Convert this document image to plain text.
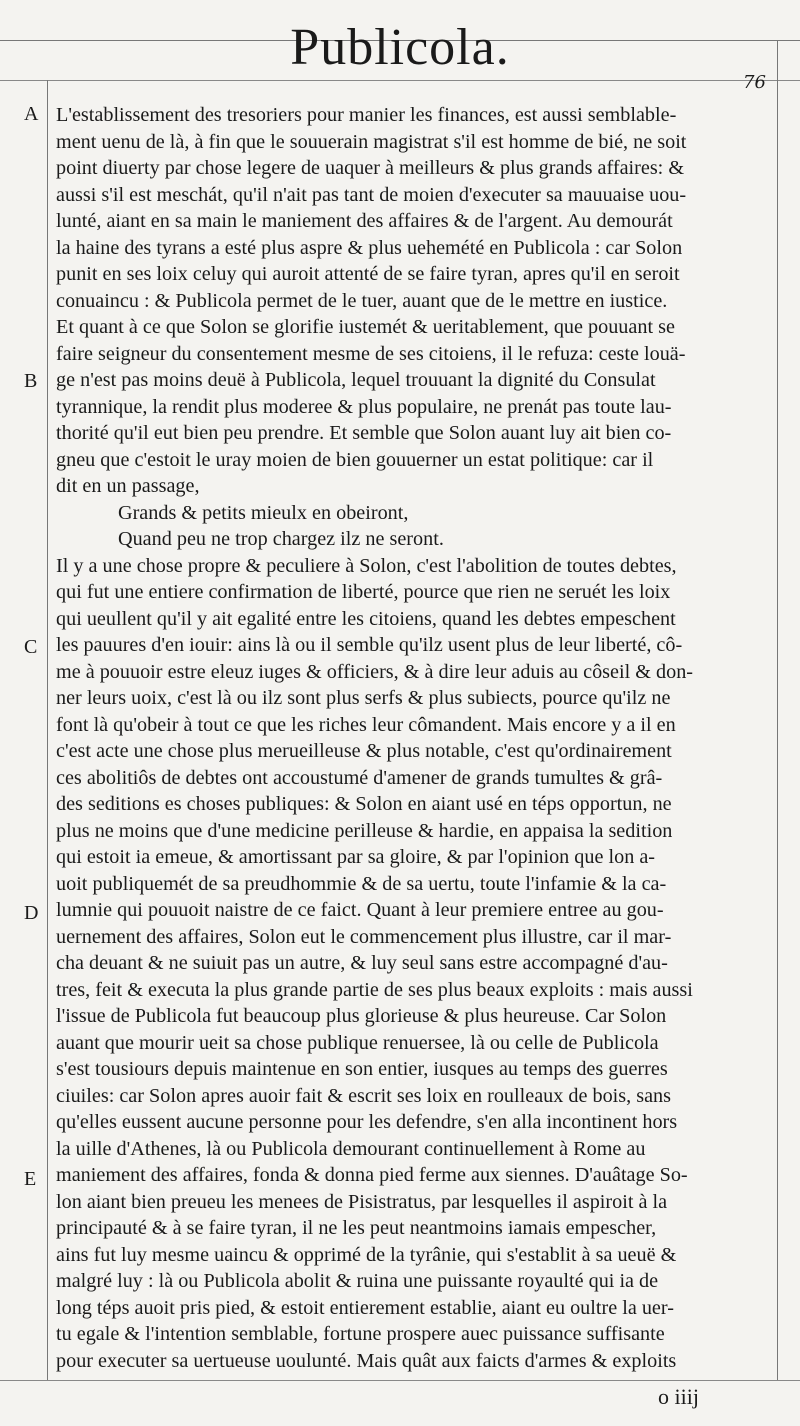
Publicola.
76
A
B
C
D
E
L'establissement des tresoriers pour manier les finances, est aussi semblable-
ment uenu de là, à fin que le souuerain magistrat s'il est homme de bié, ne soit
point diuerty par chose legere de uaquer à meilleurs & plus grands affaires: &
aussi s'il est meschát, qu'il n'ait pas tant de moien d'executer sa mauuaise uou-
lunté, aiant en sa main le maniement des affaires & de l'argent. Au demourát
la haine des tyrans a esté plus aspre & plus uehemété en Publicola : car Solon
punit en ses loix celuy qui auroit attenté de se faire tyran, apres qu'il en seroit
conuaincu : & Publicola permet de le tuer, auant que de le mettre en iustice.
Et quant à ce que Solon se glorifie iustemét & ueritablement, que pouuant se
faire seigneur du consentement mesme de ses citoiens, il le refuza: ceste louä-
ge n'est pas moins deuë à Publicola, lequel trouuant la dignité du Consulat
tyrannique, la rendit plus moderee & plus populaire, ne prenát pas toute lau-
thorité qu'il eut bien peu prendre. Et semble que Solon auant luy ait bien co-
gneu que c'estoit le uray moien de bien gouuerner un estat politique: car il
dit en un passage,
Grands & petits mieulx en obeiront,
Quand peu ne trop chargez ilz ne seront.
Il y a une chose propre & peculiere à Solon, c'est l'abolition de toutes debtes,
qui fut une entiere confirmation de liberté, pource que rien ne seruét les loix
qui ueullent qu'il y ait egalité entre les citoiens, quand les debtes empeschent
les pauures d'en iouir: ains là ou il semble qu'ilz usent plus de leur liberté, cô-
me à pouuoir estre eleuz iuges & officiers, & à dire leur aduis au côseil & don-
ner leurs uoix, c'est là ou ilz sont plus serfs & plus subiects, pource qu'ilz ne
font là qu'obeir à tout ce que les riches leur cômandent. Mais encore y a il en
c'est acte une chose plus merueilleuse & plus notable, c'est qu'ordinairement
ces abolitiôs de debtes ont accoustumé d'amener de grands tumultes & grâ-
des seditions es choses publiques: & Solon en aiant usé en téps opportun, ne
plus ne moins que d'une medicine perilleuse & hardie, en appaisa la sedition
qui estoit ia emeue, & amortissant par sa gloire, & par l'opinion que lon a-
uoit publiquemét de sa preudhommie & de sa uertu, toute l'infamie & la ca-
lumnie qui pouuoit naistre de ce faict. Quant à leur premiere entree au gou-
uernement des affaires, Solon eut le commencement plus illustre, car il mar-
cha deuant & ne suiuit pas un autre, & luy seul sans estre accompagné d'au-
tres, feit & executa la plus grande partie de ses plus beaux exploits : mais aussi
l'issue de Publicola fut beaucoup plus glorieuse & plus heureuse. Car Solon
auant que mourir ueit sa chose publique renuersee, là ou celle de Publicola
s'est tousiours depuis maintenue en son entier, iusques au temps des guerres
ciuiles: car Solon apres auoir fait & escrit ses loix en roulleaux de bois, sans
qu'elles eussent aucune personne pour les defendre, s'en alla incontinent hors
la uille d'Athenes, là ou Publicola demourant continuellement à Rome au
maniement des affaires, fonda & donna pied ferme aux siennes. D'auâtage So-
lon aiant bien preueu les menees de Pisistratus, par lesquelles il aspiroit à la
principauté & à se faire tyran, il ne les peut neantmoins iamais empescher,
ains fut luy mesme uaincu & opprimé de la tyrânie, qui s'establit à sa ueuë &
malgré luy : là ou Publicola abolit & ruina une puissante royaulté qui ia de
long téps auoit pris pied, & estoit entierement establie, aiant eu oultre la uer-
tu egale & l'intention semblable, fortune prospere auec puissance suffisante
pour executer sa uertueuse uoulunté. Mais quât aux faicts d'armes & exploits
o iiij
